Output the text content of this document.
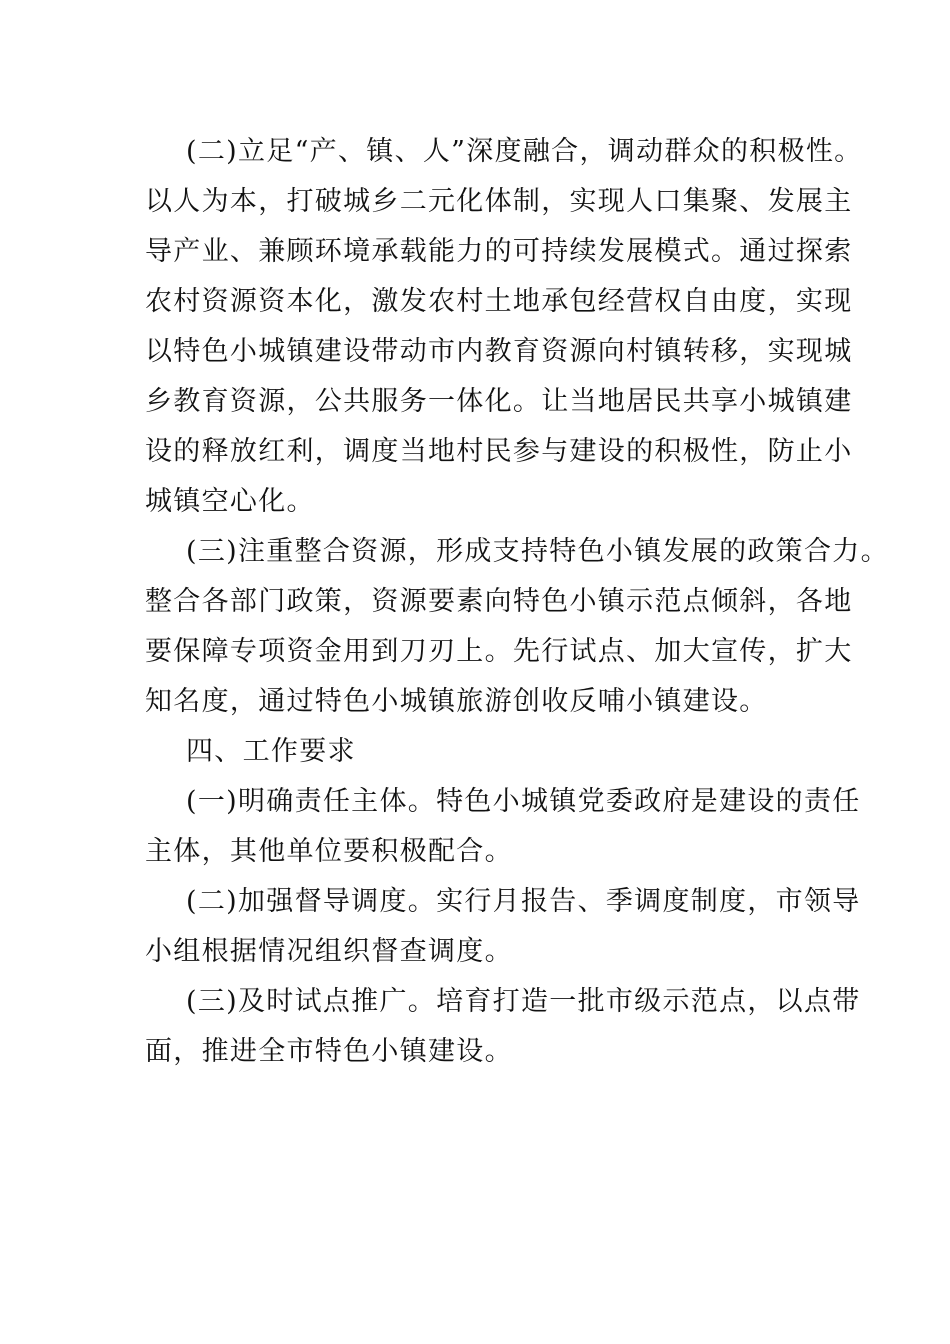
(二)立足“产、镇、人”深度融合，调动群众的积极性。
以人为本，打破城乡二元化体制，实现人口集聚、发展主
导产业、兼顾环境承载能力的可持续发展模式。通过探索
农村资源资本化，激发农村土地承包经营权自由度，实现
以特色小城镇建设带动市内教育资源向村镇转移，实现城
乡教育资源，公共服务一体化。让当地居民共享小城镇建
设的释放红利，调度当地村民参与建设的积极性，防止小
城镇空心化。
(三)注重整合资源，形成支持特色小镇发展的政策合力。
整合各部门政策，资源要素向特色小镇示范点倾斜，各地
要保障专项资金用到刀刃上。先行试点、加大宣传，扩大
知名度，通过特色小城镇旅游创收反哺小镇建设。
四、工作要求
(一)明确责任主体。特色小城镇党委政府是建设的责任
主体，其他单位要积极配合。
(二)加强督导调度。实行月报告、季调度制度，市领导
小组根据情况组织督查调度。
(三)及时试点推广。培育打造一批市级示范点，以点带
面，推进全市特色小镇建设。
